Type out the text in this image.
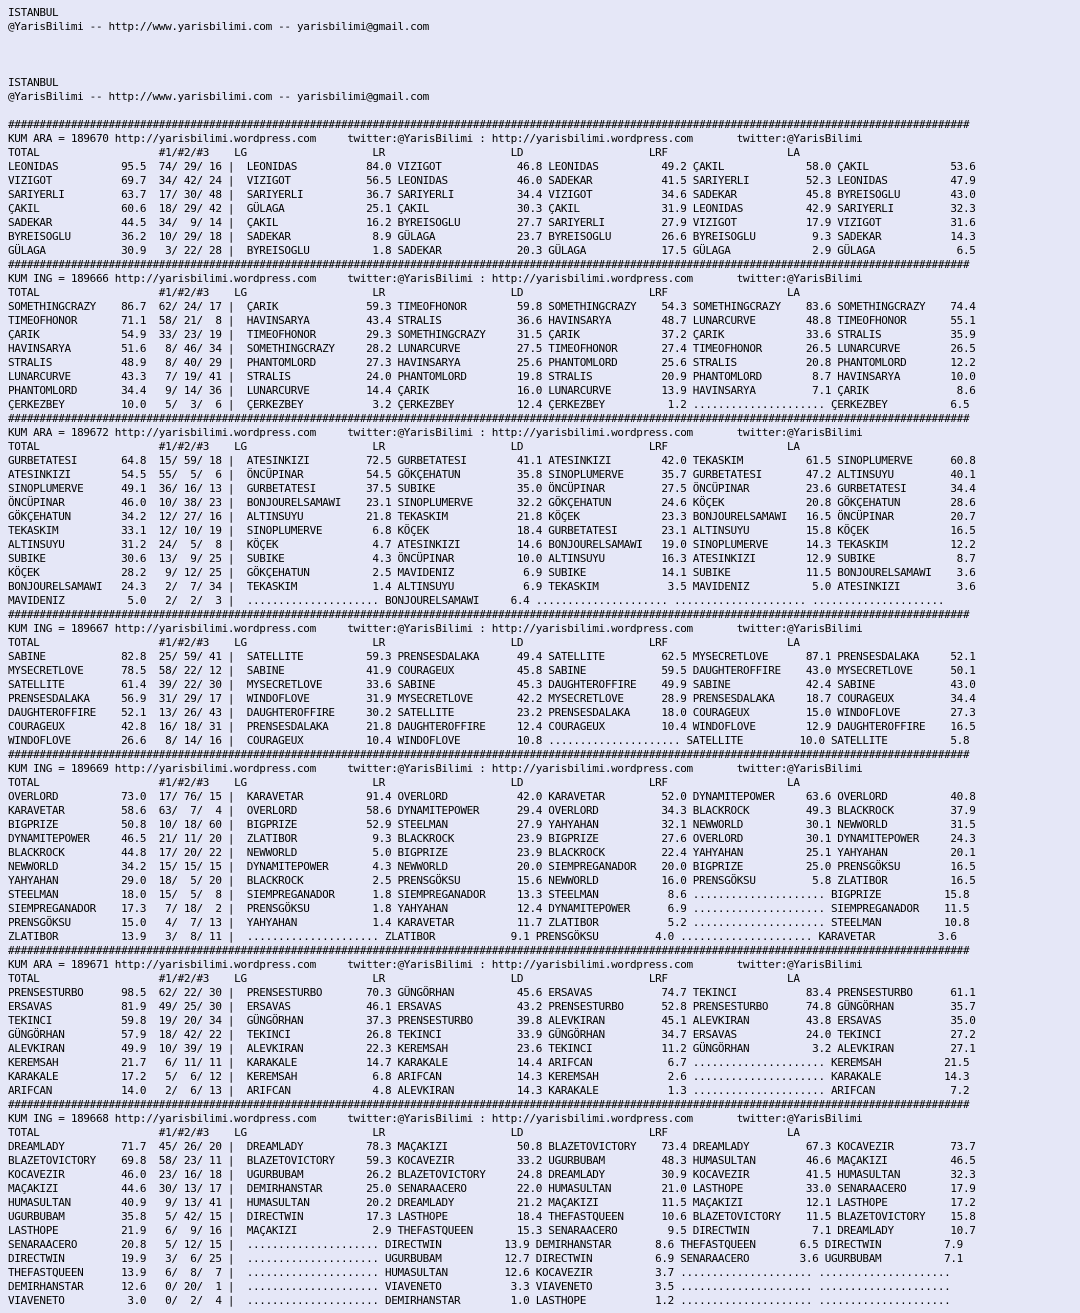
ISTANBUL
@YarisBilimi -- http://www.yarisbilimi.com -- yarisbilimi@gmail.com
ISTANBUL
@YarisBilimi -- http://www.yarisbilimi.com -- yarisbilimi@gmail.com
#########################################################################################################################################################
KUM ARA = 189670 http://yarisbilimi.wordpress.com     twitter:@YarisBilimi : http://yarisbilimi.wordpress.com       twitter:@YarisBilimi
TOTAL                   #1/#2/#3    LG                    LR                    LD                    LRF                   LA
LEONIDAS          95.5  74/ 29/ 16 |  LEONIDAS           84.0 VIZIGOT            46.8 LEONIDAS          49.2 ÇAKIL             58.0 ÇAKIL             53.6
VIZIGOT           69.7  34/ 42/ 24 |  VIZIGOT            56.5 LEONIDAS           46.0 SADEKAR           41.5 SARIYERLI         52.3 LEONIDAS          47.9
SARIYERLI         63.7  17/ 30/ 48 |  SARIYERLI          36.7 SARIYERLI          34.4 VIZIGOT           34.6 SADEKAR           45.8 BYREISOGLU        43.0
ÇAKIL             60.6  18/ 29/ 42 |  GÜLAGA             25.1 ÇAKIL              30.3 ÇAKIL             31.9 LEONIDAS          42.9 SARIYERLI         32.3
SADEKAR           44.5  34/  9/ 14 |  ÇAKIL              16.2 BYREISOGLU         27.7 SARIYERLI         27.9 VIZIGOT           17.9 VIZIGOT           31.6
BYREISOGLU        36.2  10/ 29/ 18 |  SADEKAR             8.9 GÜLAGA             23.7 BYREISOGLU        26.6 BYREISOGLU         9.3 SADEKAR           14.3
GÜLAGA            30.9   3/ 22/ 28 |  BYREISOGLU          1.8 SADEKAR            20.3 GÜLAGA            17.5 GÜLAGA             2.9 GÜLAGA             6.5
#########################################################################################################################################################
KUM ING = 189666 http://yarisbilimi.wordpress.com     twitter:@YarisBilimi : http://yarisbilimi.wordpress.com       twitter:@YarisBilimi
TOTAL                   #1/#2/#3    LG                    LR                    LD                    LRF                   LA
SOMETHINGCRAZY    86.7  62/ 24/ 17 |  ÇARIK              59.3 TIMEOFHONOR        59.8 SOMETHINGCRAZY    54.3 SOMETHINGCRAZY    83.6 SOMETHINGCRAZY    74.4
TIMEOFHONOR       71.1  58/ 21/  8 |  HAVINSARYA         43.4 STRALIS            36.6 HAVINSARYA        48.7 LUNARCURVE        48.8 TIMEOFHONOR       55.1
ÇARIK             54.9  33/ 23/ 19 |  TIMEOFHONOR        29.3 SOMETHINGCRAZY     31.5 ÇARIK             37.2 ÇARIK             33.6 STRALIS           35.9
HAVINSARYA        51.6   8/ 46/ 34 |  SOMETHINGCRAZY     28.2 LUNARCURVE         27.5 TIMEOFHONOR       27.4 TIMEOFHONOR       26.5 LUNARCURVE        26.5
STRALIS           48.9   8/ 40/ 29 |  PHANTOMLORD        27.3 HAVINSARYA         25.6 PHANTOMLORD       25.6 STRALIS           20.8 PHANTOMLORD       12.2
LUNARCURVE        43.3   7/ 19/ 41 |  STRALIS            24.0 PHANTOMLORD        19.8 STRALIS           20.9 PHANTOMLORD        8.7 HAVINSARYA        10.0
PHANTOMLORD       34.4   9/ 14/ 36 |  LUNARCURVE         14.4 ÇARIK              16.0 LUNARCURVE        13.9 HAVINSARYA         7.1 ÇARIK              8.6
ÇERKEZBEY         10.0   5/  3/  6 |  ÇERKEZBEY           3.2 ÇERKEZBEY          12.4 ÇERKEZBEY          1.2 ..................... ÇERKEZBEY          6.5
#########################################################################################################################################################
KUM ARA = 189672 http://yarisbilimi.wordpress.com     twitter:@YarisBilimi : http://yarisbilimi.wordpress.com       twitter:@YarisBilimi
TOTAL                   #1/#2/#3    LG                    LR                    LD                    LRF                   LA
GURBETATESI       64.8  15/ 59/ 18 |  ATESINKIZI         72.5 GURBETATESI        41.1 ATESINKIZI        42.0 TEKASKIM          61.5 SINOPLUMERVE      60.8
ATESINKIZI        54.5  55/  5/  6 |  ÖNCÜPINAR          54.5 GÖKÇEHATUN         35.8 SINOPLUMERVE      35.7 GURBETATESI       47.2 ALTINSUYU         40.1
SINOPLUMERVE      49.1  36/ 16/ 13 |  GURBETATESI        37.5 SUBIKE             35.0 ÖNCÜPINAR         27.5 ÖNCÜPINAR         23.6 GURBETATESI       34.4
ÖNCÜPINAR         46.0  10/ 38/ 23 |  BONJOURELSAMAWI    23.1 SINOPLUMERVE       32.2 GÖKÇEHATUN        24.6 KÖÇEK             20.8 GÖKÇEHATUN        28.6
GÖKÇEHATUN        34.2  12/ 27/ 16 |  ALTINSUYU          21.8 TEKASKIM           21.8 KÖÇEK             23.3 BONJOURELSAMAWI   16.5 ÖNCÜPINAR         20.7
TEKASKIM          33.1  12/ 10/ 19 |  SINOPLUMERVE        6.8 KÖÇEK              18.4 GURBETATESI       23.1 ALTINSUYU         15.8 KÖÇEK             16.5
ALTINSUYU         31.2  24/  5/  8 |  KÖÇEK               4.7 ATESINKIZI         14.6 BONJOURELSAMAWI   19.0 SINOPLUMERVE      14.3 TEKASKIM          12.2
SUBIKE            30.6  13/  9/ 25 |  SUBIKE              4.3 ÖNCÜPINAR          10.0 ALTINSUYU         16.3 ATESINKIZI        12.9 SUBIKE             8.7
KÖÇEK             28.2   9/ 12/ 25 |  GÖKÇEHATUN          2.5 MAVIDENIZ           6.9 SUBIKE            14.1 SUBIKE            11.5 BONJOURELSAMAWI    3.6
BONJOURELSAMAWI   24.3   2/  7/ 34 |  TEKASKIM            1.4 ALTINSUYU           6.9 TEKASKIM           3.5 MAVIDENIZ          5.0 ATESINKIZI         3.6
MAVIDENIZ          5.0   2/  2/  3 |  ..................... BONJOURELSAMAWI     6.4 ..................... ..................... .....................
#########################################################################################################################################################
KUM ING = 189667 http://yarisbilimi.wordpress.com     twitter:@YarisBilimi : http://yarisbilimi.wordpress.com       twitter:@YarisBilimi
TOTAL                   #1/#2/#3    LG                    LR                    LD                    LRF                   LA
SABINE            82.8  25/ 59/ 41 |  SATELLITE          59.3 PRENSESDALAKA      49.4 SATELLITE         62.5 MYSECRETLOVE      87.1 PRENSESDALAKA     52.1
MYSECRETLOVE      78.5  58/ 22/ 12 |  SABINE             41.9 COURAGEUX          45.8 SABINE            59.5 DAUGHTEROFFIRE    43.0 MYSECRETLOVE      50.1
SATELLITE         61.4  39/ 22/ 30 |  MYSECRETLOVE       33.6 SABINE             45.3 DAUGHTEROFFIRE    49.9 SABINE            42.4 SABINE            43.0
PRENSESDALAKA     56.9  31/ 29/ 17 |  WINDOFLOVE         31.9 MYSECRETLOVE       42.2 MYSECRETLOVE      28.9 PRENSESDALAKA     18.7 COURAGEUX         34.4
DAUGHTEROFFIRE    52.1  13/ 26/ 43 |  DAUGHTEROFFIRE     30.2 SATELLITE          23.2 PRENSESDALAKA     18.0 COURAGEUX         15.0 WINDOFLOVE        27.3
COURAGEUX         42.8  16/ 18/ 31 |  PRENSESDALAKA      21.8 DAUGHTEROFFIRE     12.4 COURAGEUX         10.4 WINDOFLOVE        12.9 DAUGHTEROFFIRE    16.5
WINDOFLOVE        26.6   8/ 14/ 16 |  COURAGEUX          10.4 WINDOFLOVE         10.8 ..................... SATELLITE         10.0 SATELLITE          5.8
#########################################################################################################################################################
KUM ING = 189669 http://yarisbilimi.wordpress.com     twitter:@YarisBilimi : http://yarisbilimi.wordpress.com       twitter:@YarisBilimi
TOTAL                   #1/#2/#3    LG                    LR                    LD                    LRF                   LA
OVERLORD          73.0  17/ 76/ 15 |  KARAVETAR          91.4 OVERLORD           42.0 KARAVETAR         52.0 DYNAMITEPOWER     63.6 OVERLORD          40.8
KARAVETAR         58.6  63/  7/  4 |  OVERLORD           58.6 DYNAMITEPOWER      29.4 OVERLORD          34.3 BLACKROCK         49.3 BLACKROCK         37.9
BIGPRIZE          50.8  10/ 18/ 60 |  BIGPRIZE           52.9 STEELMAN           27.9 YAHYAHAN          32.1 NEWWORLD          30.1 NEWWORLD          31.5
DYNAMITEPOWER     46.5  21/ 11/ 20 |  ZLATIBOR            9.3 BLACKROCK          23.9 BIGPRIZE          27.6 OVERLORD          30.1 DYNAMITEPOWER     24.3
BLACKROCK         44.8  17/ 20/ 22 |  NEWWORLD            5.0 BIGPRIZE           23.9 BLACKROCK         22.4 YAHYAHAN          25.1 YAHYAHAN          20.1
NEWWORLD          34.2  15/ 15/ 15 |  DYNAMITEPOWER       4.3 NEWWORLD           20.0 SIEMPREGANADOR    20.0 BIGPRIZE          25.0 PRENSGÖKSU        16.5
YAHYAHAN          29.0  18/  5/ 20 |  BLACKROCK           2.5 PRENSGÖKSU         15.6 NEWWORLD          16.0 PRENSGÖKSU         5.8 ZLATIBOR          16.5
STEELMAN          18.0  15/  5/  8 |  SIEMPREGANADOR      1.8 SIEMPREGANADOR     13.3 STEELMAN           8.6 ..................... BIGPRIZE          15.8
SIEMPREGANADOR    17.3   7/ 18/  2 |  PRENSGÖKSU          1.8 YAHYAHAN           12.4 DYNAMITEPOWER      6.9 ..................... SIEMPREGANADOR    11.5
PRENSGÖKSU        15.0   4/  7/ 13 |  YAHYAHAN            1.4 KARAVETAR          11.7 ZLATIBOR           5.2 ..................... STEELMAN          10.8
ZLATIBOR          13.9   3/  8/ 11 |  ..................... ZLATIBOR            9.1 PRENSGÖKSU         4.0 ..................... KARAVETAR          3.6
#########################################################################################################################################################
KUM ARA = 189671 http://yarisbilimi.wordpress.com     twitter:@YarisBilimi : http://yarisbilimi.wordpress.com       twitter:@YarisBilimi
TOTAL                   #1/#2/#3    LG                    LR                    LD                    LRF                   LA
PRENSESTURBO      98.5  62/ 22/ 30 |  PRENSESTURBO       70.3 GÜNGÖRHAN          45.6 ERSAVAS           74.7 TEKINCI           83.4 PRENSESTURBO      61.1
ERSAVAS           81.9  49/ 25/ 30 |  ERSAVAS            46.1 ERSAVAS            43.2 PRENSESTURBO      52.8 PRENSESTURBO      74.8 GÜNGÖRHAN         35.7
TEKINCI           59.8  19/ 20/ 34 |  GÜNGÖRHAN          37.3 PRENSESTURBO       39.8 ALEVKIRAN         45.1 ALEVKIRAN         43.8 ERSAVAS           35.0
GÜNGÖRHAN         57.9  18/ 42/ 22 |  TEKINCI            26.8 TEKINCI            33.9 GÜNGÖRHAN         34.7 ERSAVAS           24.0 TEKINCI           27.2
ALEVKIRAN         49.9  10/ 39/ 19 |  ALEVKIRAN          22.3 KEREMSAH           23.6 TEKINCI           11.2 GÜNGÖRHAN          3.2 ALEVKIRAN         27.1
KEREMSAH          21.7   6/ 11/ 11 |  KARAKALE           14.7 KARAKALE           14.4 ARIFCAN            6.7 ..................... KEREMSAH          21.5
KARAKALE          17.2   5/  6/ 12 |  KEREMSAH            6.8 ARIFCAN            14.3 KEREMSAH           2.6 ..................... KARAKALE          14.3
ARIFCAN           14.0   2/  6/ 13 |  ARIFCAN             4.8 ALEVKIRAN          14.3 KARAKALE           1.3 ..................... ARIFCAN            7.2
#########################################################################################################################################################
KUM ING = 189668 http://yarisbilimi.wordpress.com     twitter:@YarisBilimi : http://yarisbilimi.wordpress.com       twitter:@YarisBilimi
TOTAL                   #1/#2/#3    LG                    LR                    LD                    LRF                   LA
DREAMLADY         71.7  45/ 26/ 20 |  DREAMLADY          78.3 MAÇAKIZI           50.8 BLAZETOVICTORY    73.4 DREAMLADY         67.3 KOCAVEZIR         73.7
BLAZETOVICTORY    69.8  58/ 23/ 11 |  BLAZETOVICTORY     59.3 KOCAVEZIR          33.2 UGURBUBAM         48.3 HUMASULTAN        46.6 MAÇAKIZI          46.5
KOCAVEZIR         46.0  23/ 16/ 18 |  UGURBUBAM          26.2 BLAZETOVICTORY     24.8 DREAMLADY         30.9 KOCAVEZIR         41.5 HUMASULTAN        32.3
MAÇAKIZI          44.6  30/ 13/ 17 |  DEMIRHANSTAR       25.0 SENARAACERO        22.0 HUMASULTAN        21.0 LASTHOPE          33.0 SENARAACERO       17.9
HUMASULTAN        40.9   9/ 13/ 41 |  HUMASULTAN         20.2 DREAMLADY          21.2 MAÇAKIZI          11.5 MAÇAKIZI          12.1 LASTHOPE          17.2
UGURBUBAM         35.8   5/ 42/ 15 |  DIRECTWIN          17.3 LASTHOPE           18.4 THEFASTQUEEN      10.6 BLAZETOVICTORY    11.5 BLAZETOVICTORY    15.8
LASTHOPE          21.9   6/  9/ 16 |  MAÇAKIZI            2.9 THEFASTQUEEN       15.3 SENARAACERO        9.5 DIRECTWIN          7.1 DREAMLADY         10.7
SENARAACERO       20.8   5/ 12/ 15 |  ..................... DIRECTWIN          13.9 DEMIRHANSTAR       8.6 THEFASTQUEEN       6.5 DIRECTWIN          7.9
DIRECTWIN         19.9   3/  6/ 25 |  ..................... UGURBUBAM          12.7 DIRECTWIN          6.9 SENARAACERO        3.6 UGURBUBAM          7.1
THEFASTQUEEN      13.9   6/  8/  7 |  ..................... HUMASULTAN         12.6 KOCAVEZIR          3.7 ..................... .....................
DEMIRHANSTAR      12.6   0/ 20/  1 |  ..................... VIAVENETO           3.3 VIAVENETO          3.5 ..................... .....................
VIAVENETO          3.0   0/  2/  4 |  ..................... DEMIRHANSTAR        1.0 LASTHOPE           1.2 ..................... .....................
